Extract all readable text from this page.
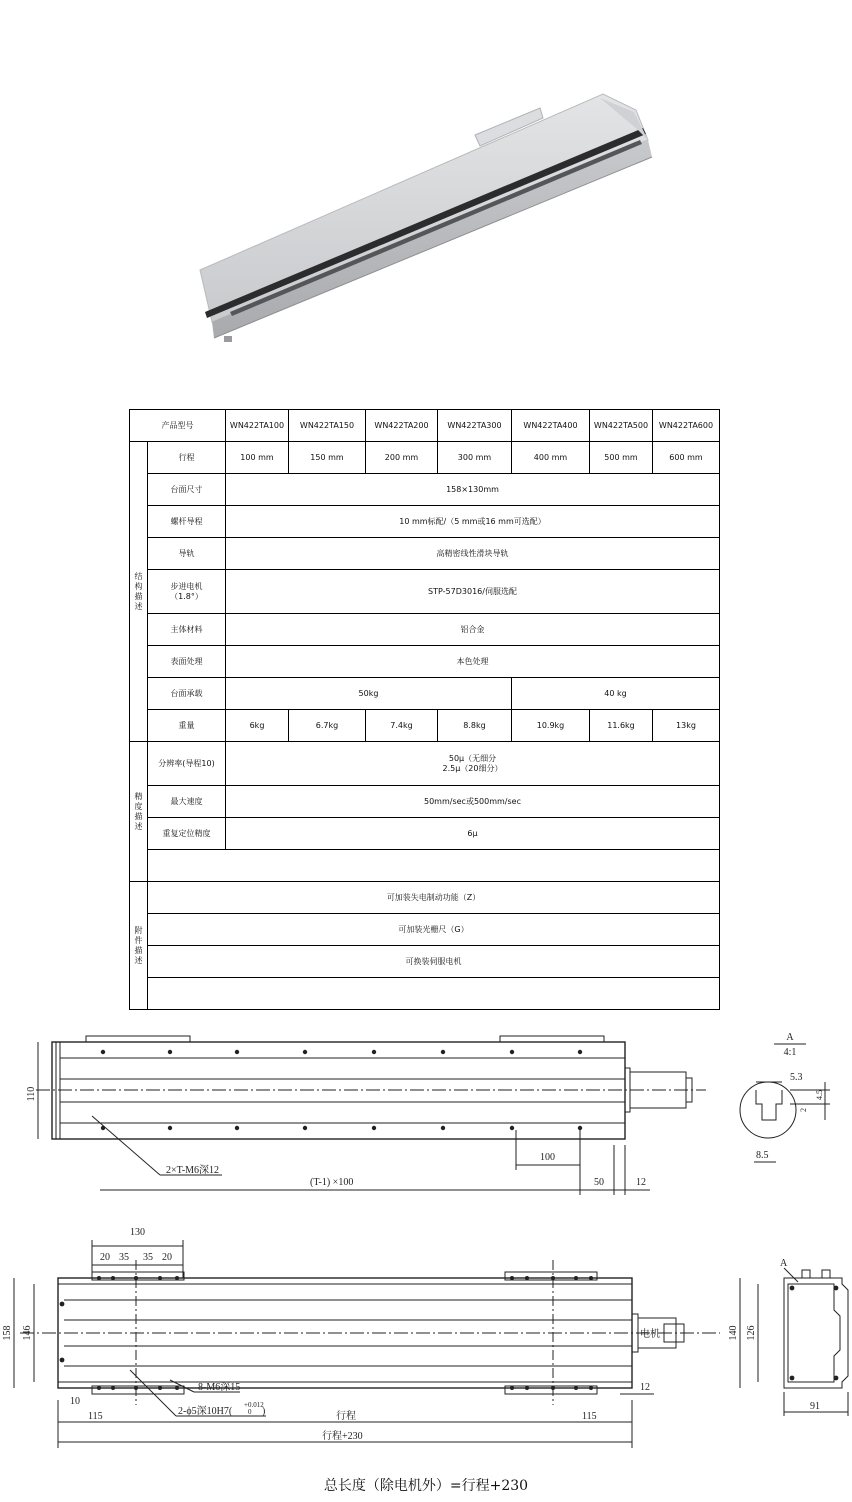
产品型号		WN422TA100	WN422TA150	WN422TA200	WN422TA300	WN422TA400	WN422TA500	WN422TA600
结构描述	行程	100 mm	150 mm	200 mm	300 mm	400 mm	500 mm	600 mm
	台面尺寸	158×130mm						
	螺杆导程	10 mm标配/（5 mm或16 mm可选配）						
	导轨	高精密线性滑块导轨						
	步进电机
（1.8°）	STP-57D3016/伺服选配						
	主体材料	铝合金						
	表面处理	本色处理						
	台面承载	50kg				40 kg		
	重量	6kg	6.7kg	7.4kg	8.8kg	10.9kg	11.6kg	13kg
精度描述	分辨率(导程10)	50μ（无细分
2.5μ（20细分）						
	最大速度	50mm/sec或500mm/sec						
	重复定位精度	6μ						

附件描述	可加装失电制动功能（Z）							
	可加装光栅尺（G）							
	可换装伺服电机							

110
2×T-M6深12
(T-1) ×100
100
50	12
A
4:1
5.3
4.5
2
8.5
130
20 35 35 20
电机
158 146
8-M6深15
2-ϕ5深10H7(
+0.012
0 )
10
115	行程	115
12
行程+230
A
140 126
91
总长度（除电机外）=行程+230
